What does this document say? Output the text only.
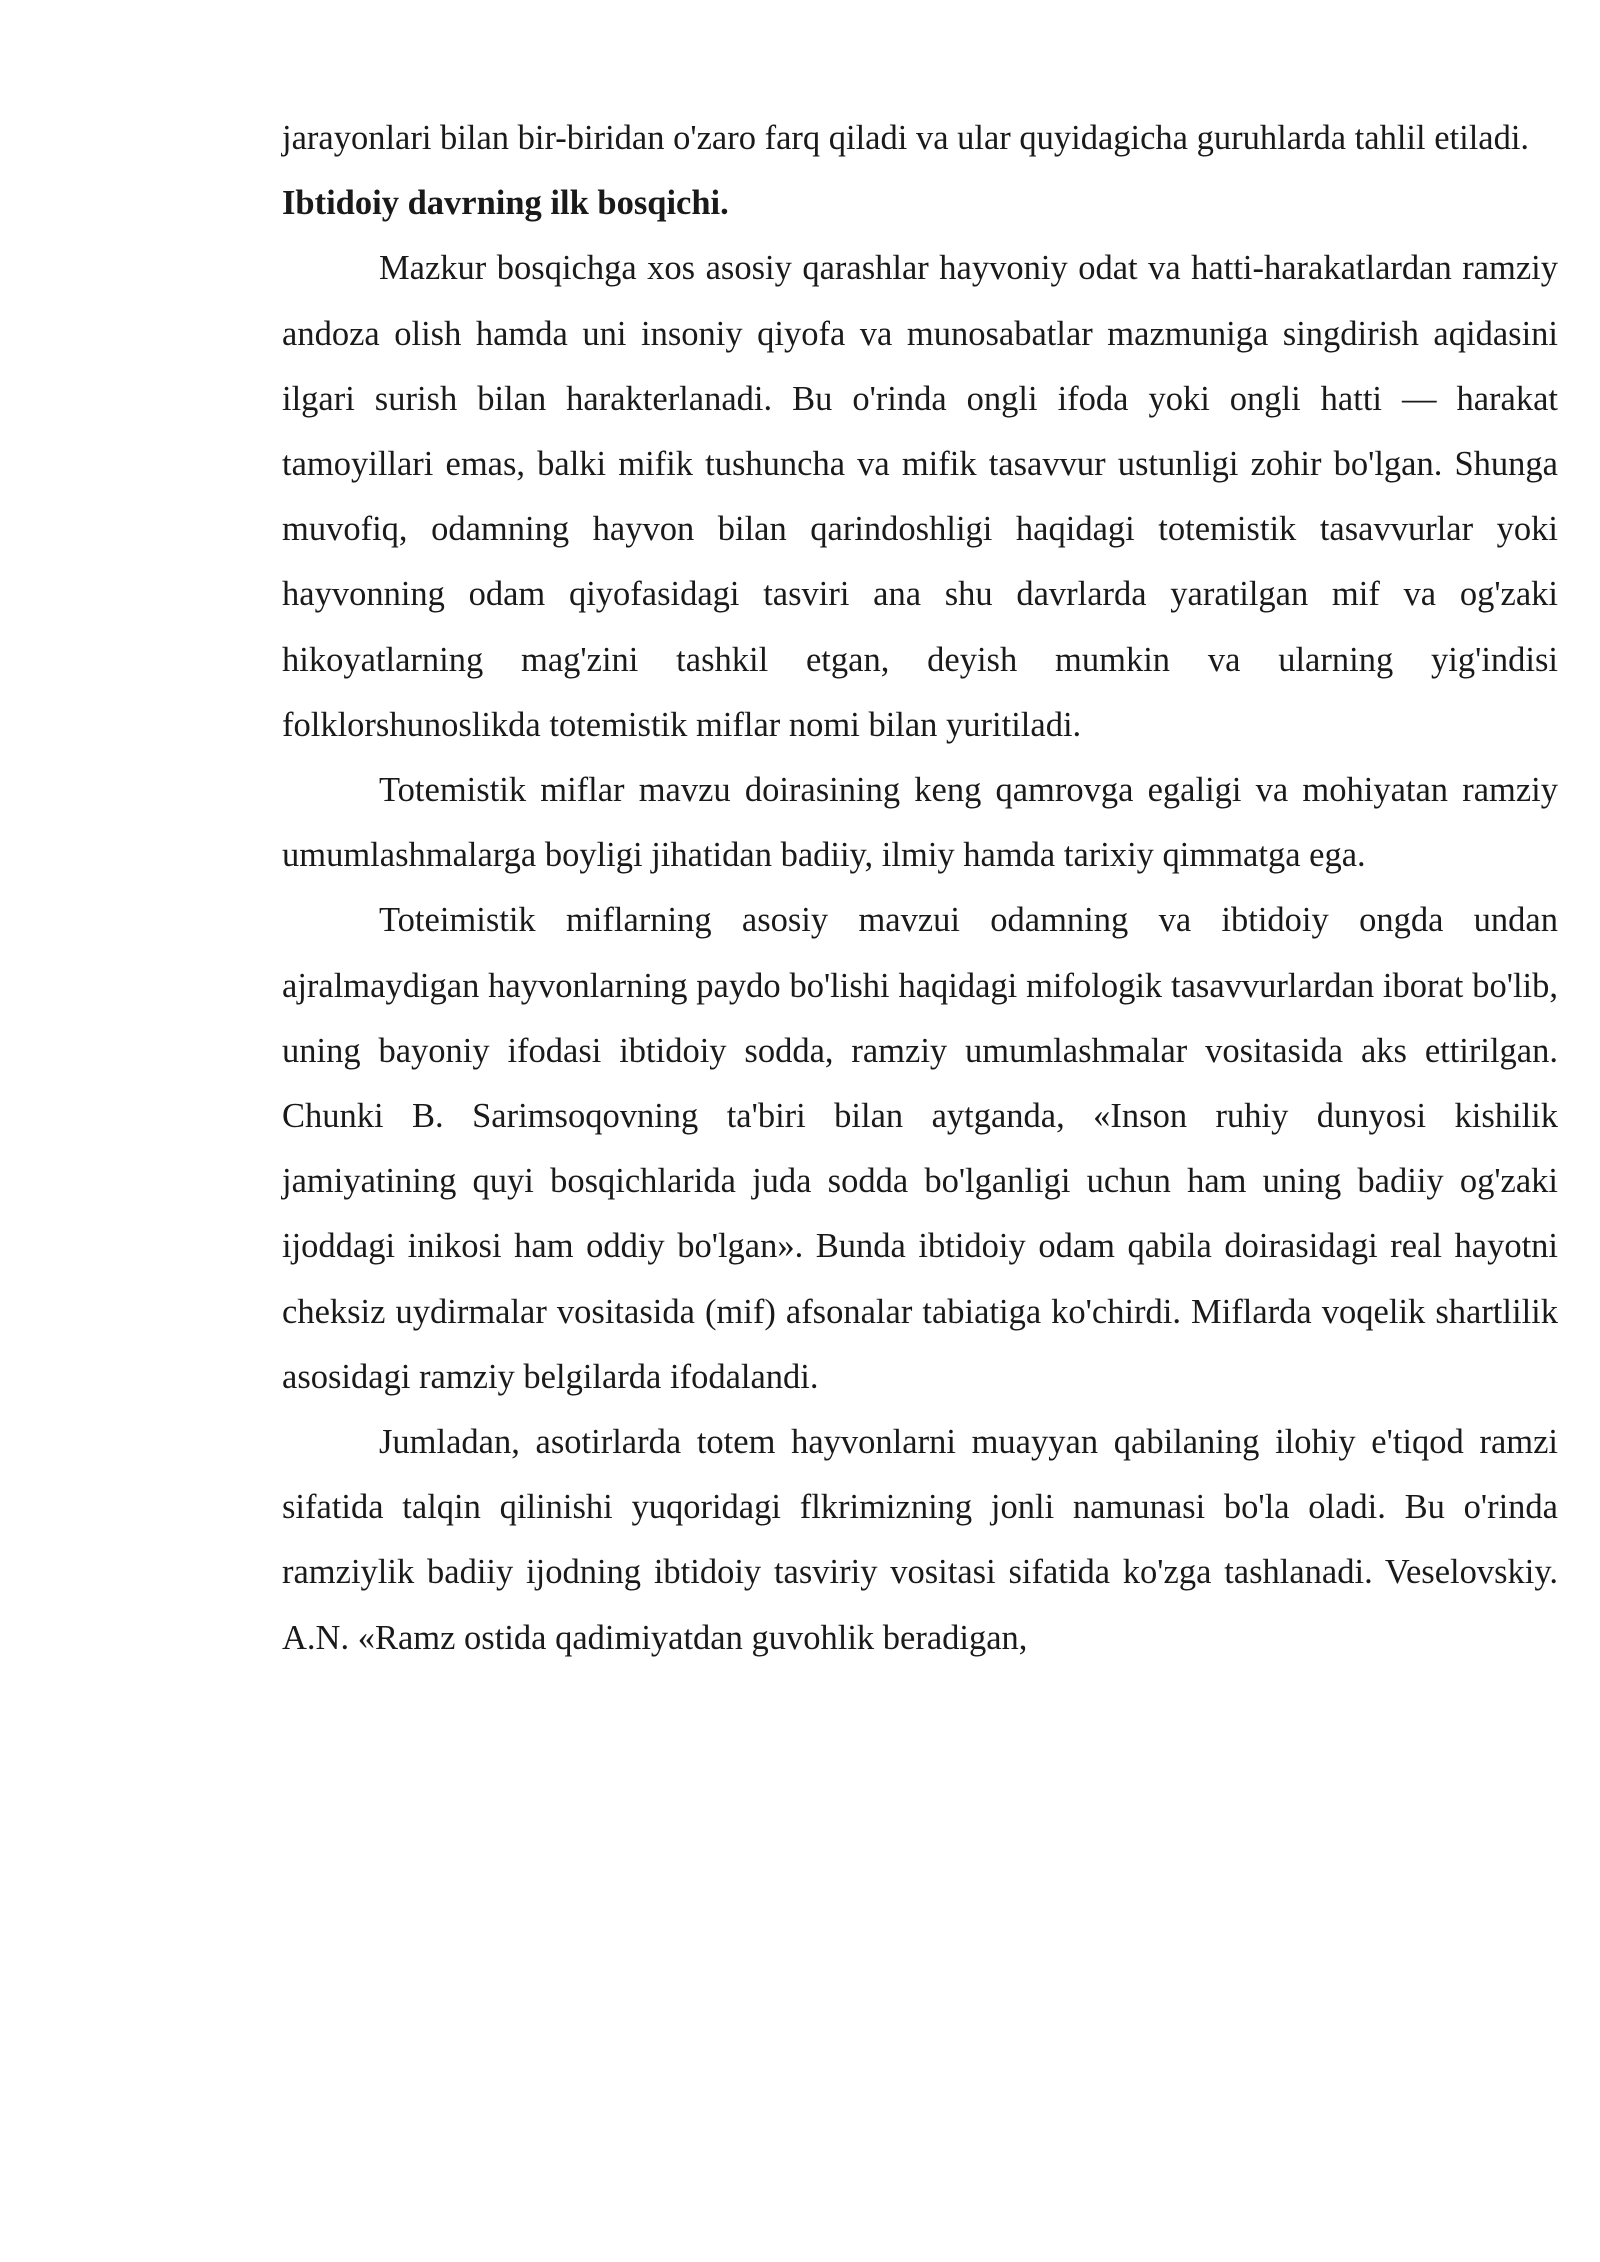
jarayonlari bilan bir-biridan o'zaro farq qiladi va ular quyidagicha guruhlarda tahlil etiladi.

Ibtidoiy davrning ilk bosqichi.

Mazkur bosqichga xos asosiy qarashlar hayvoniy odat va hatti-harakatlardan ramziy andoza olish hamda uni insoniy qiyofa va munosabatlar mazmuniga singdirish aqidasini ilgari surish bilan harakterlanadi. Bu o'rinda ongli ifoda yoki ongli hatti — harakat tamoyillari emas, balki mifik tushuncha va mifik tasavvur ustunligi zohir bo'lgan. Shunga muvofiq, odamning hayvon bilan qarindoshligi haqidagi totemistik tasavvurlar yoki hayvonning odam qiyofasidagi tasviri ana shu davrlarda yaratilgan mif va og'zaki hikoyatlarning mag'zini tashkil etgan, deyish mumkin va ularning yig'indisi folklorshunoslikda totemistik miflar nomi bilan yuritiladi.

Totemistik miflar mavzu doirasining keng qamrovga egaligi va mohiyatan ramziy umumlashmalarga boyligi jihatidan badiiy, ilmiy hamda tarixiy qimmatga ega.

Toteimistik miflarning asosiy mavzui odamning va ibtidoiy ongda undan ajralmaydigan hayvonlarning paydo bo'lishi haqidagi mifologik tasavvurlardan iborat bo'lib, uning bayoniy ifodasi ibtidoiy sodda, ramziy umumlashmalar vositasida aks ettirilgan. Chunki B. Sarimsoqovning ta'biri bilan aytganda, «Inson ruhiy dunyosi kishilik jamiyatining quyi bosqichlarida juda sodda bo'lganligi uchun ham uning badiiy og'zaki ijoddagi inikosi ham oddiy bo'lgan». Bunda ibtidoiy odam qabila doirasidagi real hayotni cheksiz uydirmalar vositasida (mif) afsonalar tabiatiga ko'chirdi. Miflarda voqelik shartlilik asosidagi ramziy belgilarda ifodalandi.

Jumladan, asotirlarda totem hayvonlarni muayyan qabilaning ilohiy e'tiqod ramzi sifatida talqin qilinishi yuqoridagi flkrimizning jonli namunasi bo'la oladi. Bu o'rinda ramziylik badiiy ijodning ibtidoiy tasviriy vositasi sifatida ko'zga tashlanadi. Veselovskiy. A.N. «Ramz ostida qadimiyatdan guvohlik beradigan,
